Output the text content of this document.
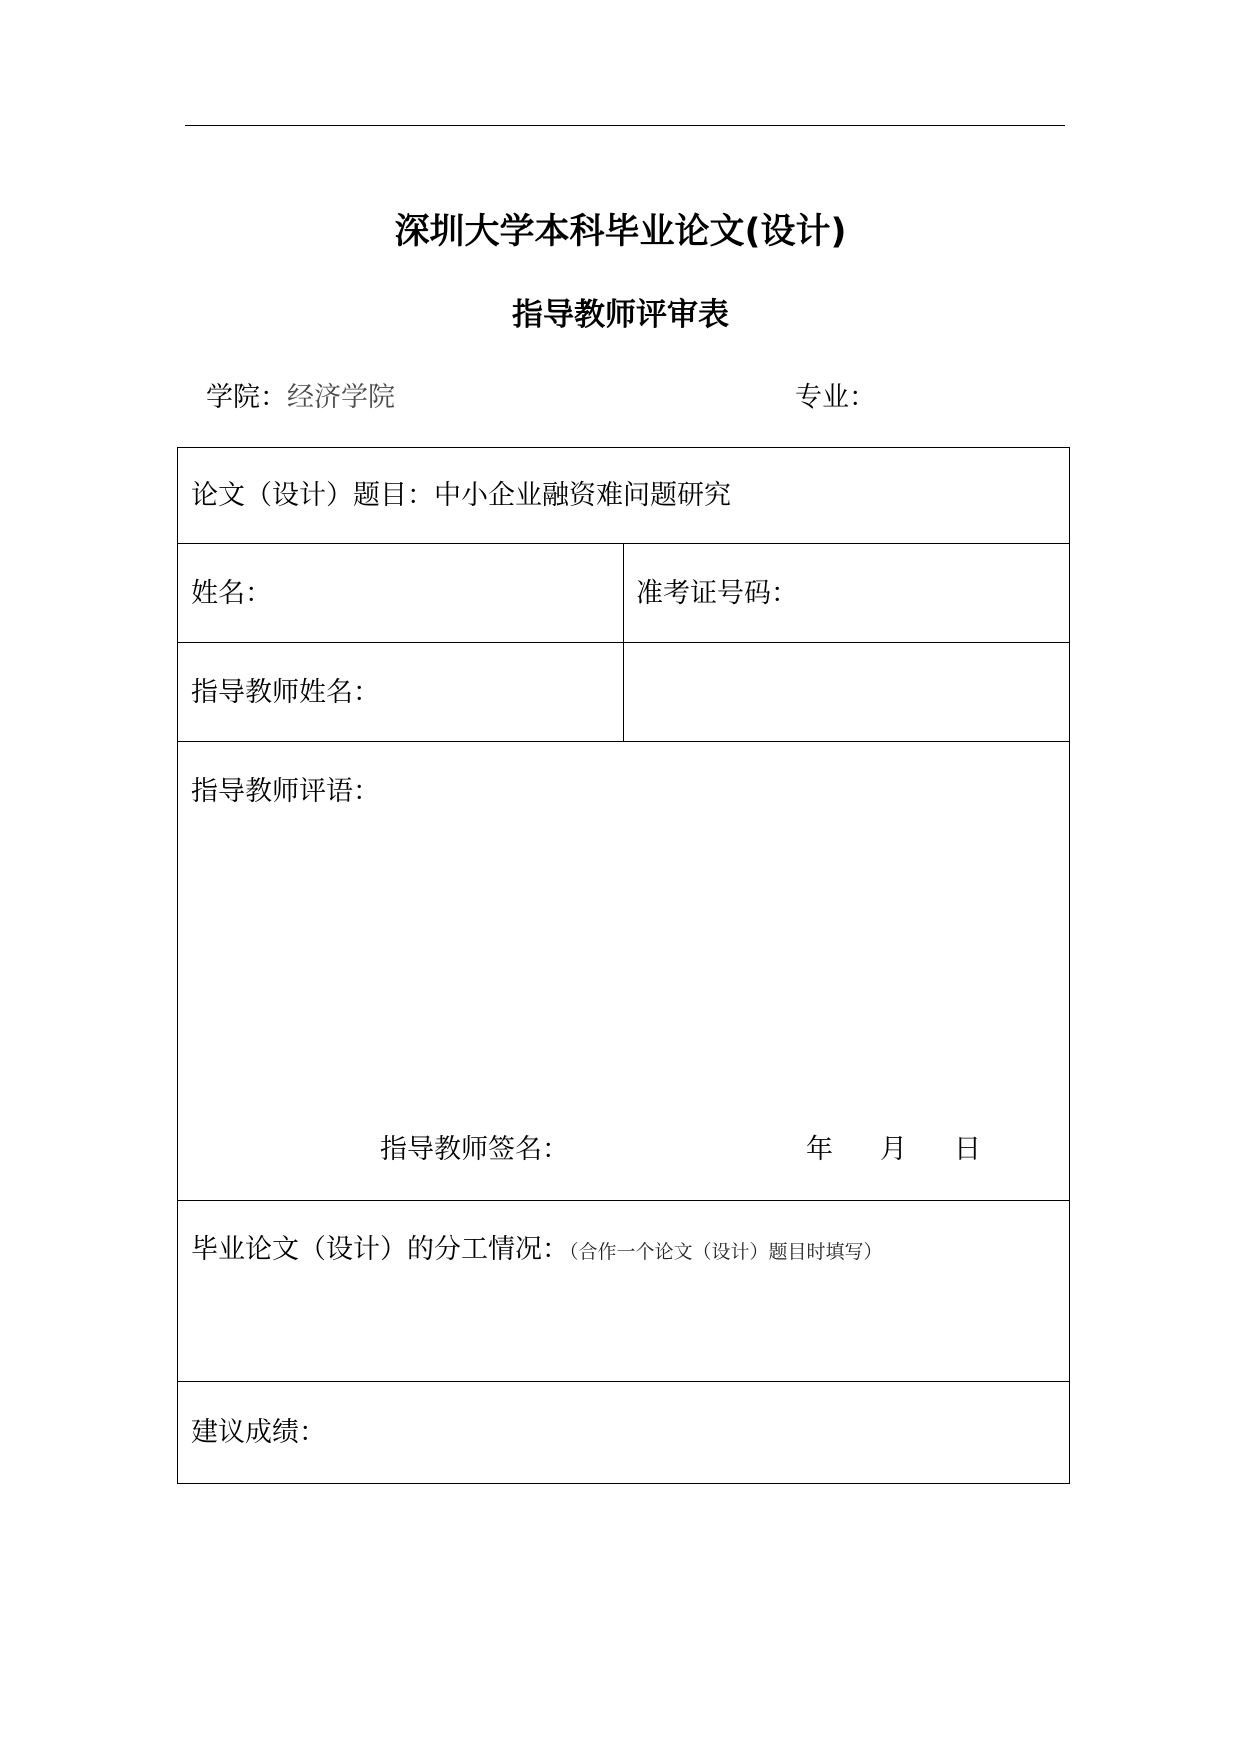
深圳大学本科毕业论文(设计)
指导教师评审表
学院：经济学院	专业：
论文（设计）题目：中小企业融资难问题研究
姓名：	准考证号码：
指导教师姓名：
指导教师评语：
指导教师签名：	年 月 日
毕业论文（设计）的分工情况：（合作一个论文（设计）题目时填写）
建议成绩：
